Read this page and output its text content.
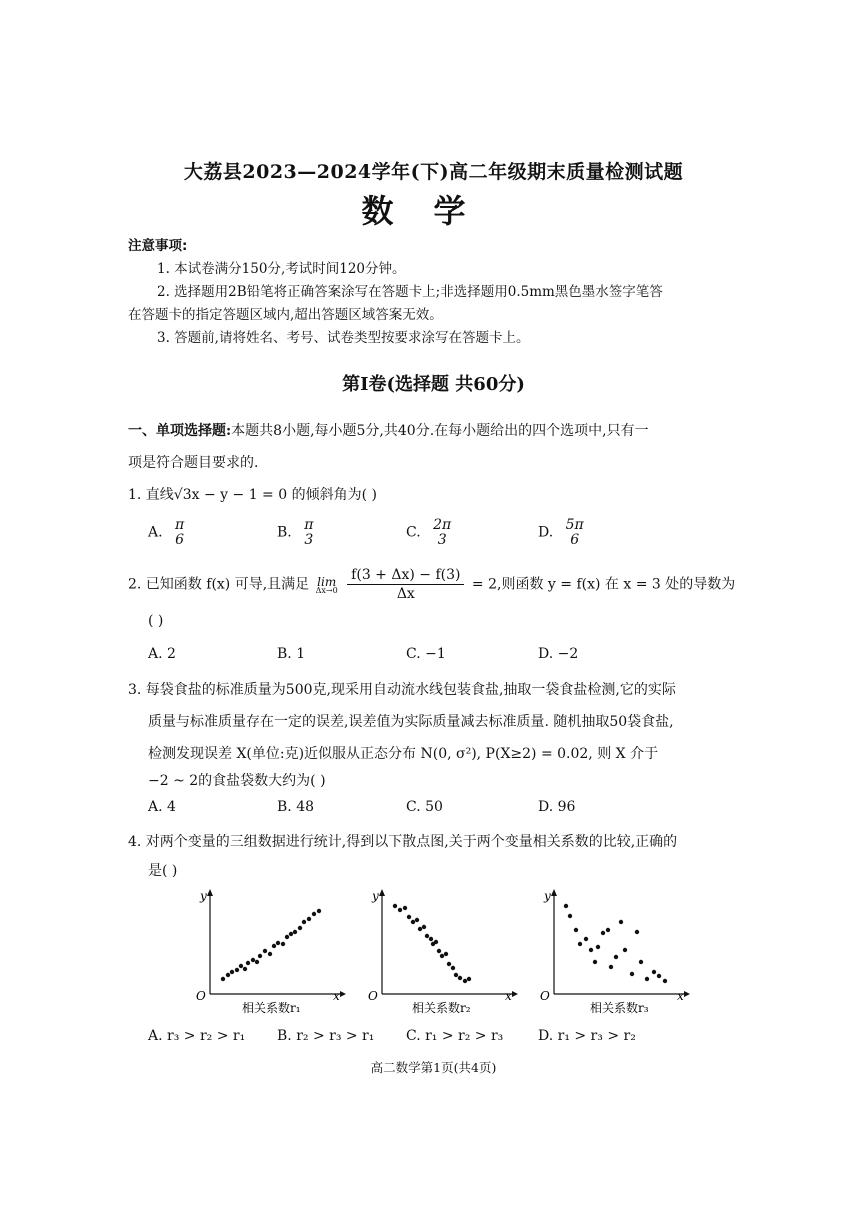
大荔县2023—2024学年(下)高二年级期末质量检测试题
数学
注意事项:
1. 本试卷满分150分,考试时间120分钟。
2. 选择题用2B铅笔将正确答案涂写在答题卡上;非选择题用0.5mm黑色墨水签字笔答
在答题卡的指定答题区域内,超出答题区域答案无效。
3. 答题前,请将姓名、考号、试卷类型按要求涂写在答题卡上。
第Ⅰ卷(选择题 共60分)
一、单项选择题:本题共8小题,每小题5分,共40分.在每小题给出的四个选项中,只有一
项是符合题目要求的.
1. 直线√3x − y − 1 = 0 的倾斜角为( )
A. π
6	B. π
3	C. 2π
3	D. 5π
6
2. 已知函数 f(x) 可导,且满足 lim
Δx→0
$\frac{f(3 + \Delta x) - f(3)}{\Delta x} = 2$,则函数 y = f(x) 在 x = 3 处的导数为
( )
A. 2	B. 1	C. −1	D. −2
3. 每袋食盐的标准质量为500克,现采用自动流水线包装食盐,抽取一袋食盐检测,它的实际
质量与标准质量存在一定的误差,误差值为实际质量减去标准质量. 随机抽取50袋食盐,
检测发现误差 X(单位:克)近似服从正态分布 N(0, σ²), P(X≥2) = 0.02, 则 X 介于
−2 ~ 2的食盐袋数大约为( )
A. 4	B. 48	C. 50	D. 96
4. 对两个变量的三组数据进行统计,得到以下散点图,关于两个变量相关系数的比较,正确的
是( )
y
x
O
相关系数r₁
y
x
O
相关系数r₂
y
x
O
相关系数r₃
A. r₃ > r₂ > r₁ B. r₂ > r₃ > r₁ C. r₁ > r₂ > r₃ D. r₁ > r₃ > r₂
高二数学第1页(共4页)
